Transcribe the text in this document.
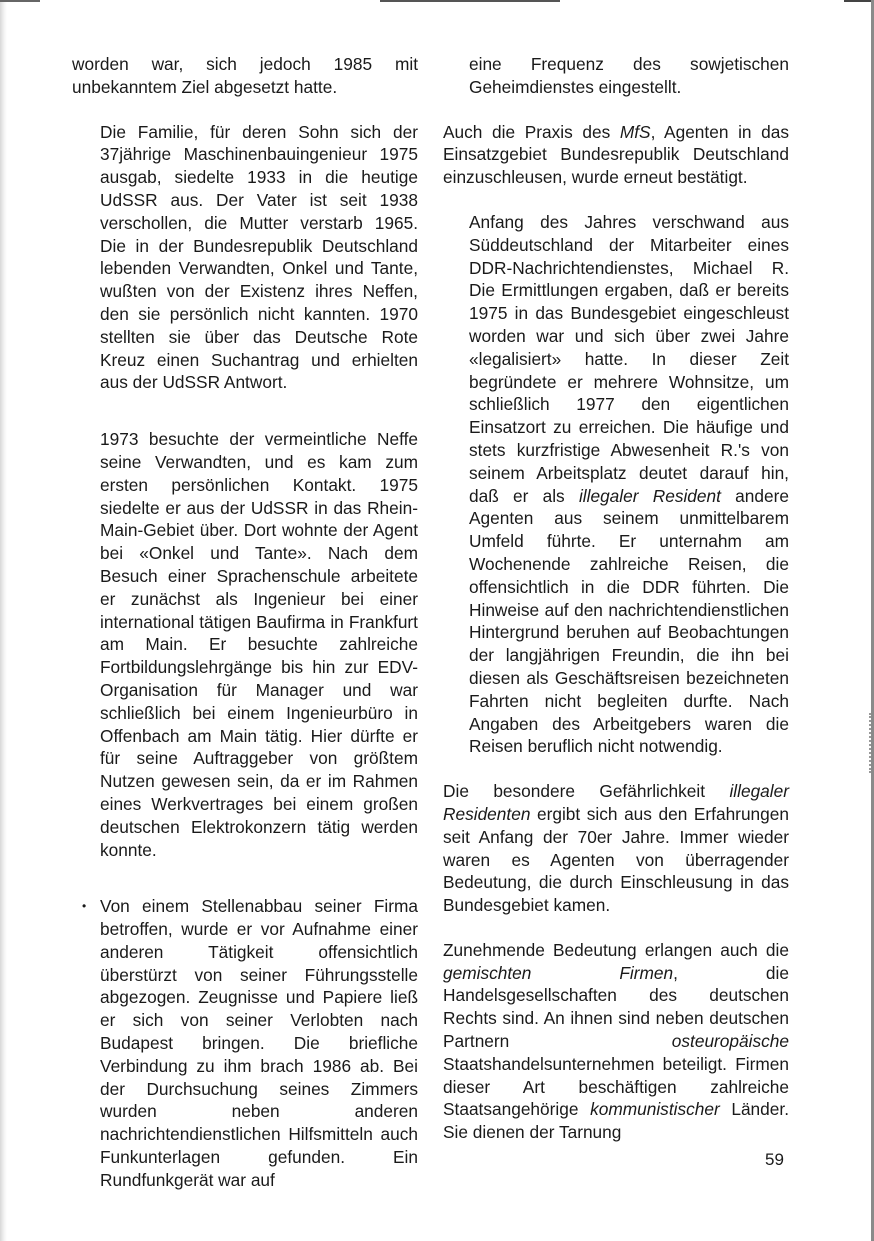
worden war, sich jedoch 1985 mit unbekanntem Ziel abgesetzt hatte.

Die Familie, für deren Sohn sich der 37jährige Maschinenbauingenieur 1975 ausgab, siedelte 1933 in die heutige UdSSR aus. Der Vater ist seit 1938 verschollen, die Mutter verstarb 1965. Die in der Bundesrepublik Deutschland lebenden Verwandten, Onkel und Tante, wußten von der Existenz ihres Neffen, den sie persönlich nicht kannten. 1970 stellten sie über das Deutsche Rote Kreuz einen Suchantrag und erhielten aus der UdSSR Antwort.

1973 besuchte der vermeintliche Neffe seine Verwandten, und es kam zum ersten persönlichen Kontakt. 1975 siedelte er aus der UdSSR in das Rhein-Main-Gebiet über. Dort wohnte der Agent bei «Onkel und Tante». Nach dem Besuch einer Sprachenschule arbeitete er zunächst als Ingenieur bei einer international tätigen Baufirma in Frankfurt am Main. Er besuchte zahlreiche Fortbildungslehrgänge bis hin zur EDV-Organisation für Manager und war schließlich bei einem Ingenieurbüro in Offenbach am Main tätig. Hier dürfte er für seine Auftraggeber von größtem Nutzen gewesen sein, da er im Rahmen eines Werkvertrages bei einem großen deutschen Elektrokonzern tätig werden konnte.

• Von einem Stellenabbau seiner Firma betroffen, wurde er vor Aufnahme einer anderen Tätigkeit offensichtlich überstürzt von seiner Führungsstelle abgezogen. Zeugnisse und Papiere ließ er sich von seiner Verlobten nach Budapest bringen. Die briefliche Verbindung zu ihm brach 1986 ab. Bei der Durchsuchung seines Zimmers wurden neben anderen nachrichtendienstlichen Hilfsmitteln auch Funkunterlagen gefunden. Ein Rundfunkgerät war auf

eine Frequenz des sowjetischen Geheimdienstes eingestellt.

Auch die Praxis des MfS, Agenten in das Einsatzgebiet Bundesrepublik Deutschland einzuschleusen, wurde erneut bestätigt.

Anfang des Jahres verschwand aus Süddeutschland der Mitarbeiter eines DDR-Nachrichtendienstes, Michael R. Die Ermittlungen ergaben, daß er bereits 1975 in das Bundesgebiet eingeschleust worden war und sich über zwei Jahre «legalisiert» hatte. In dieser Zeit begründete er mehrere Wohnsitze, um schließlich 1977 den eigentlichen Einsatzort zu erreichen. Die häufige und stets kurzfristige Abwesenheit R.'s von seinem Arbeitsplatz deutet darauf hin, daß er als illegaler Resident andere Agenten aus seinem unmittelbarem Umfeld führte. Er unternahm am Wochenende zahlreiche Reisen, die offensichtlich in die DDR führten. Die Hinweise auf den nachrichtendienstlichen Hintergrund beruhen auf Beobachtungen der langjährigen Freundin, die ihn bei diesen als Geschäftsreisen bezeichneten Fahrten nicht begleiten durfte. Nach Angaben des Arbeitgebers waren die Reisen beruflich nicht notwendig.

Die besondere Gefährlichkeit illegaler Residenten ergibt sich aus den Erfahrungen seit Anfang der 70er Jahre. Immer wieder waren es Agenten von überragender Bedeutung, die durch Einschleusung in das Bundesgebiet kamen.

Zunehmende Bedeutung erlangen auch die gemischten Firmen, die Handelsgesellschaften des deutschen Rechts sind. An ihnen sind neben deutschen Partnern osteuropäische Staatshandelsunternehmen beteiligt. Firmen dieser Art beschäftigen zahlreiche Staatsangehörige kommunistischer Länder. Sie dienen der Tarnung

59
